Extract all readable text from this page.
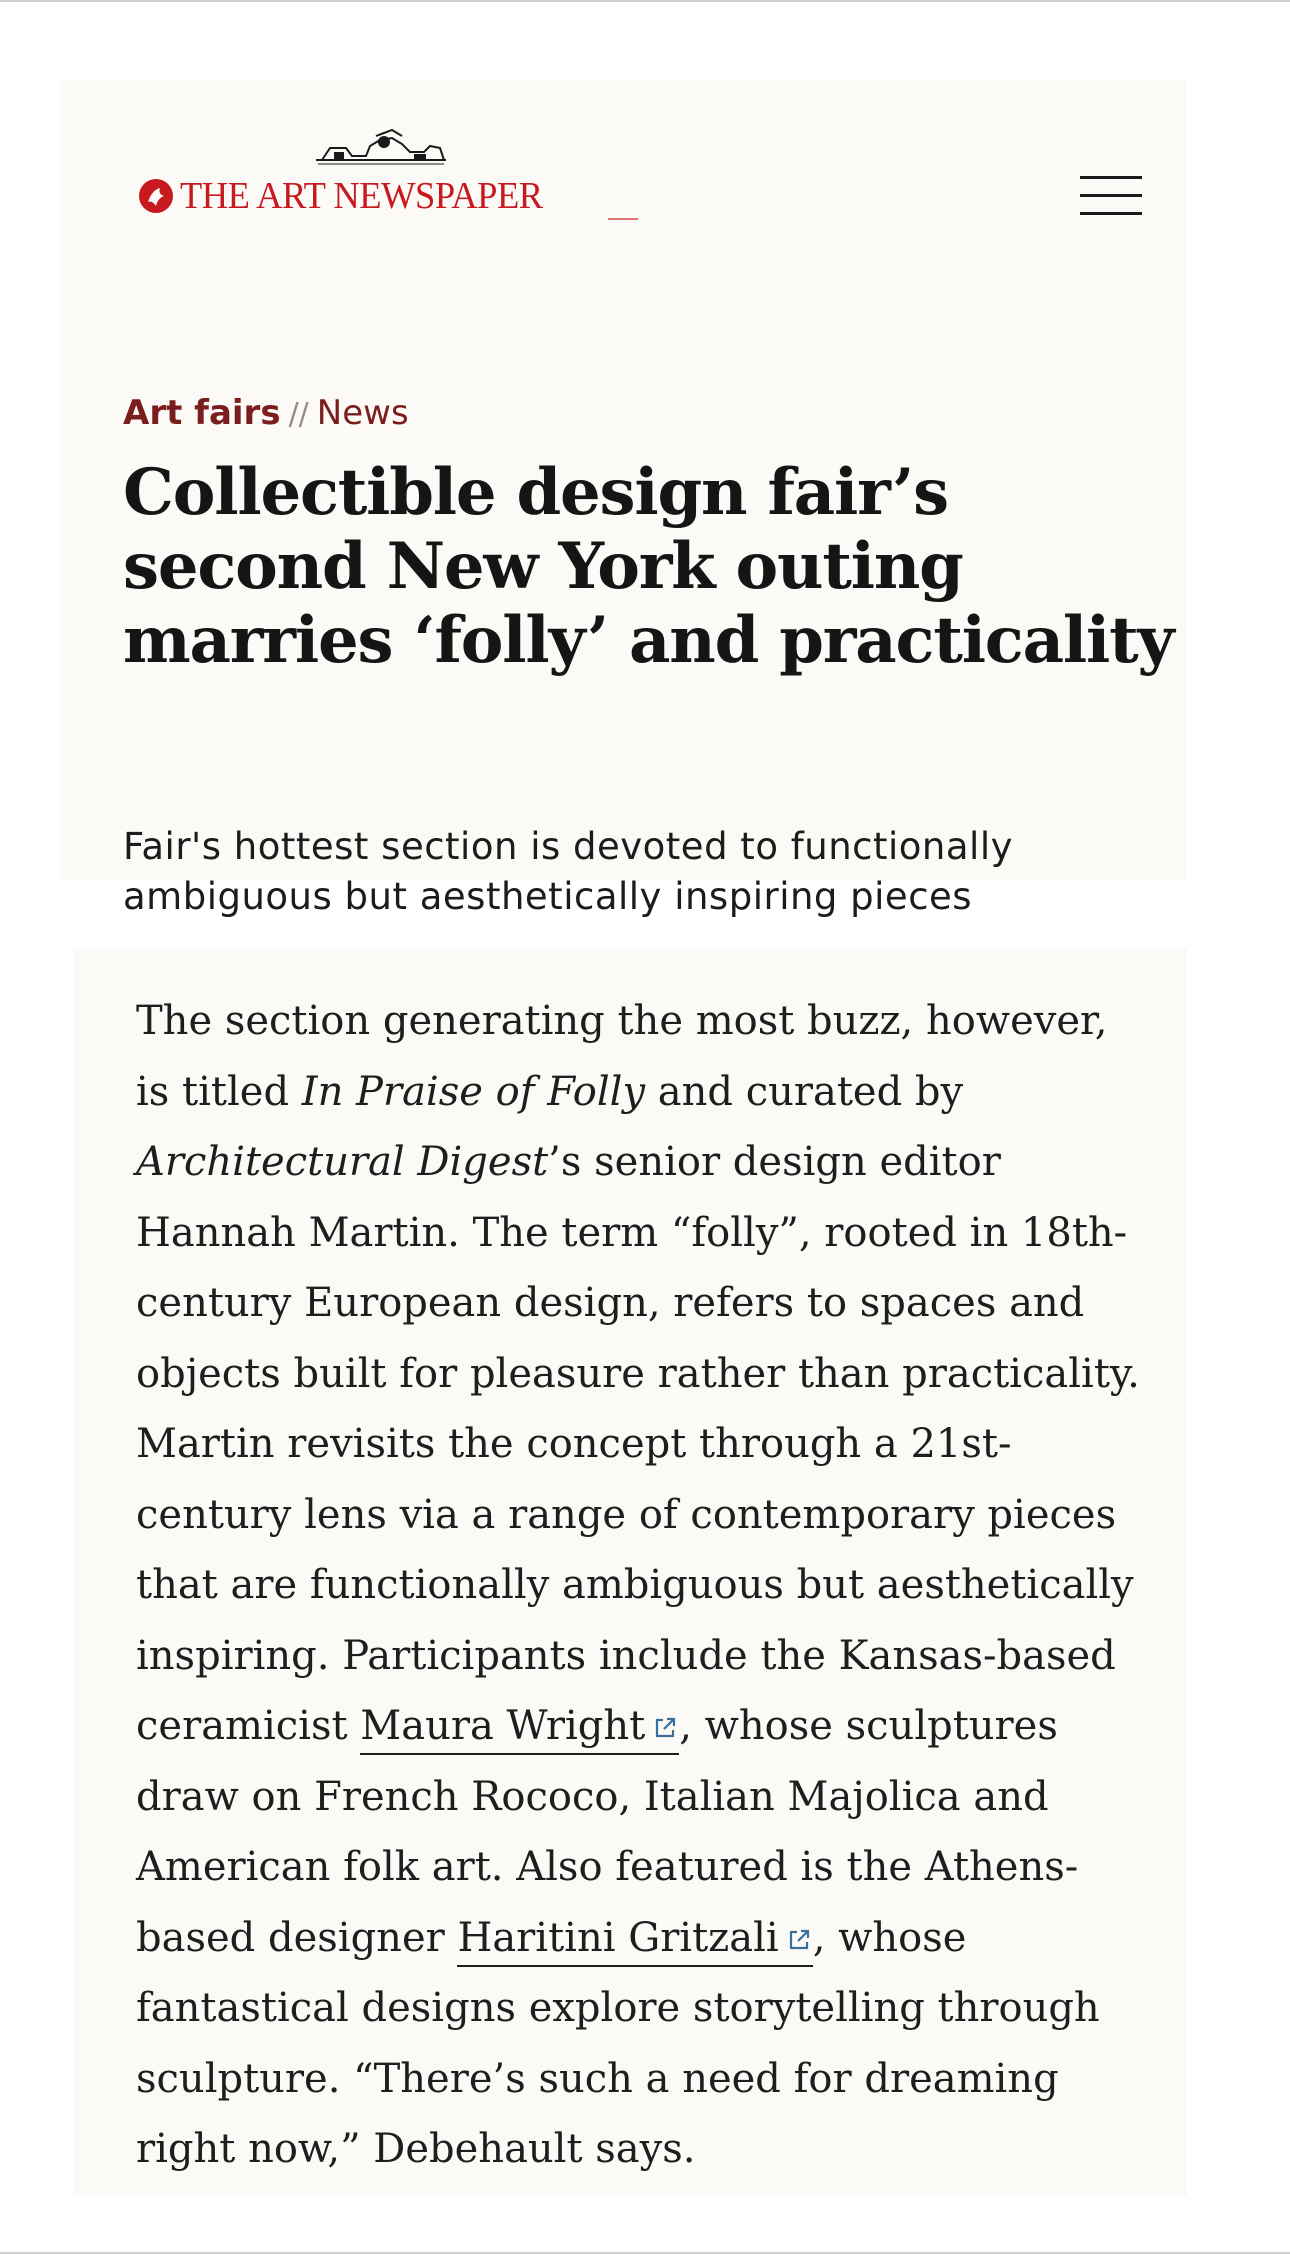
THE ART NEWSPAPER
Art fairs // News
Collectible design fair’s second New York outing marries ‘folly’ and practicality

Fair's hottest section is devoted to functionally ambiguous but aesthetically inspiring pieces

The section generating the most buzz, however, is titled In Praise of Folly and curated by Architectural Digest’s senior design editor Hannah Martin. The term “folly”, rooted in 18th-century European design, refers to spaces and objects built for pleasure rather than practicality. Martin revisits the concept through a 21st-century lens via a range of contemporary pieces that are functionally ambiguous but aesthetically inspiring. Participants include the Kansas-based ceramicist Maura Wright , whose sculptures draw on French Rococo, Italian Majolica and American folk art. Also featured is the Athens-based designer Haritini Gritzali , whose fantastical designs explore storytelling through sculpture. “There’s such a need for dreaming right now,” Debehault says.
